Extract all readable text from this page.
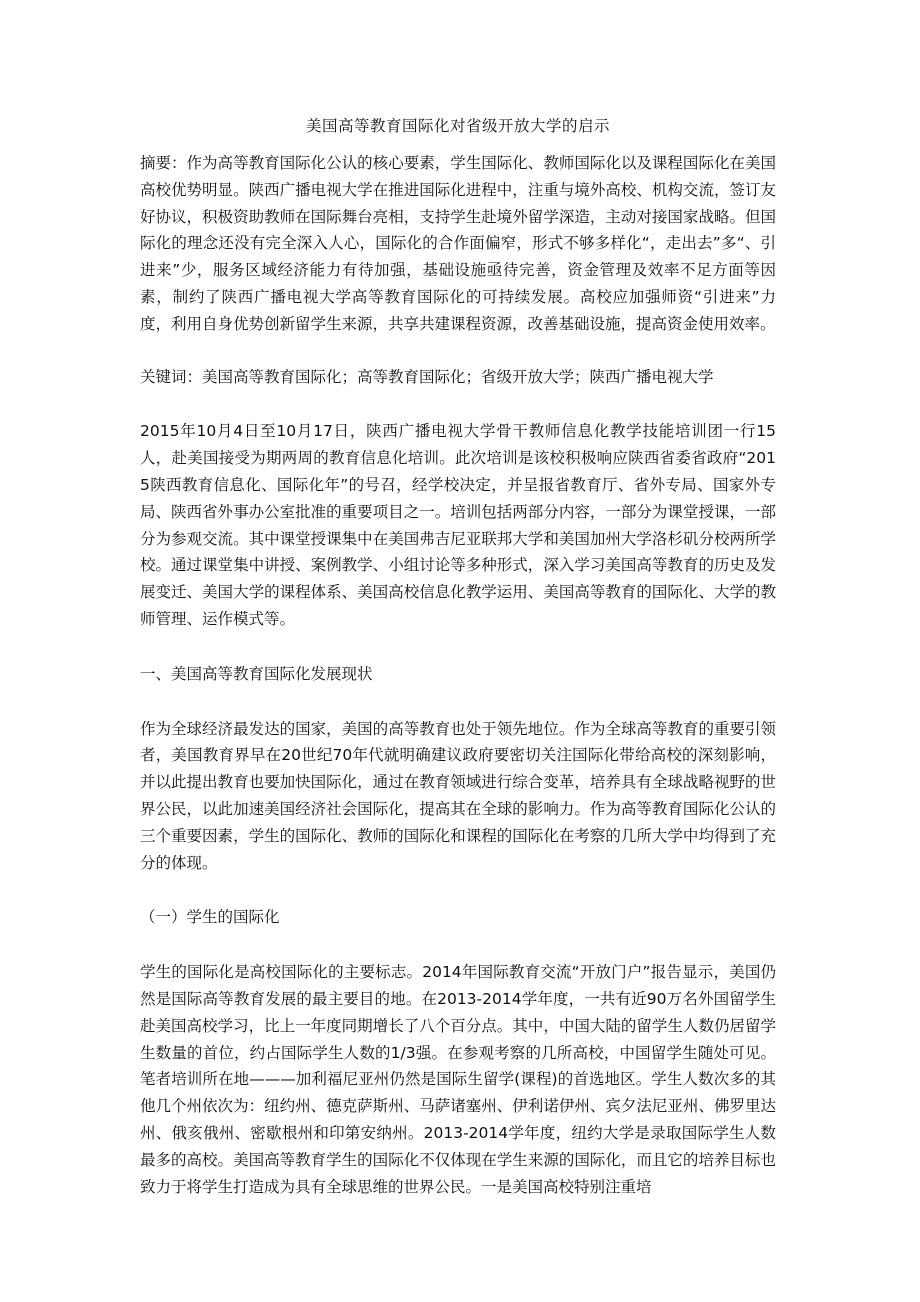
美国高等教育国际化对省级开放大学的启示

摘要：作为高等教育国际化公认的核心要素，学生国际化、教师国际化以及课程国际化在美国高校优势明显。陕西广播电视大学在推进国际化进程中，注重与境外高校、机构交流，签订友好协议，积极资助教师在国际舞台亮相，支持学生赴境外留学深造，主动对接国家战略。但国际化的理念还没有完全深入人心，国际化的合作面偏窄，形式不够多样化“，走出去”多“、引进来”少，服务区域经济能力有待加强，基础设施亟待完善，资金管理及效率不足方面等因素，制约了陕西广播电视大学高等教育国际化的可持续发展。高校应加强师资“引进来”力度，利用自身优势创新留学生来源，共享共建课程资源，改善基础设施，提高资金使用效率。

关键词：美国高等教育国际化；高等教育国际化；省级开放大学；陕西广播电视大学

2015年10月4日至10月17日，陕西广播电视大学骨干教师信息化教学技能培训团一行15人，赴美国接受为期两周的教育信息化培训。此次培训是该校积极响应陕西省委省政府“2015陕西教育信息化、国际化年”的号召，经学校决定，并呈报省教育厅、省外专局、国家外专局、陕西省外事办公室批准的重要项目之一。培训包括两部分内容，一部分为课堂授课，一部分为参观交流。其中课堂授课集中在美国弗吉尼亚联邦大学和美国加州大学洛杉矶分校两所学校。通过课堂集中讲授、案例教学、小组讨论等多种形式，深入学习美国高等教育的历史及发展变迁、美国大学的课程体系、美国高校信息化教学运用、美国高等教育的国际化、大学的教师管理、运作模式等。

一、美国高等教育国际化发展现状

作为全球经济最发达的国家，美国的高等教育也处于领先地位。作为全球高等教育的重要引领者，美国教育界早在20世纪70年代就明确建议政府要密切关注国际化带给高校的深刻影响，并以此提出教育也要加快国际化，通过在教育领域进行综合变革，培养具有全球战略视野的世界公民，以此加速美国经济社会国际化，提高其在全球的影响力。作为高等教育国际化公认的三个重要因素，学生的国际化、教师的国际化和课程的国际化在考察的几所大学中均得到了充分的体现。

（一）学生的国际化

学生的国际化是高校国际化的主要标志。2014年国际教育交流“开放门户”报告显示，美国仍然是国际高等教育发展的最主要目的地。在2013-2014学年度，一共有近90万名外国留学生赴美国高校学习，比上一年度同期增长了八个百分点。其中，中国大陆的留学生人数仍居留学生数量的首位，约占国际学生人数的1/3强。在参观考察的几所高校，中国留学生随处可见。笔者培训所在地———加利福尼亚州仍然是国际生留学(课程)的首选地区。学生人数次多的其他几个州依次为：纽约州、德克萨斯州、马萨诸塞州、伊利诺伊州、宾夕法尼亚州、佛罗里达州、俄亥俄州、密歇根州和印第安纳州。2013-2014学年度，纽约大学是录取国际学生人数最多的高校。美国高等教育学生的国际化不仅体现在学生来源的国际化，而且它的培养目标也致力于将学生打造成为具有全球思维的世界公民。一是美国高校特别注重培
